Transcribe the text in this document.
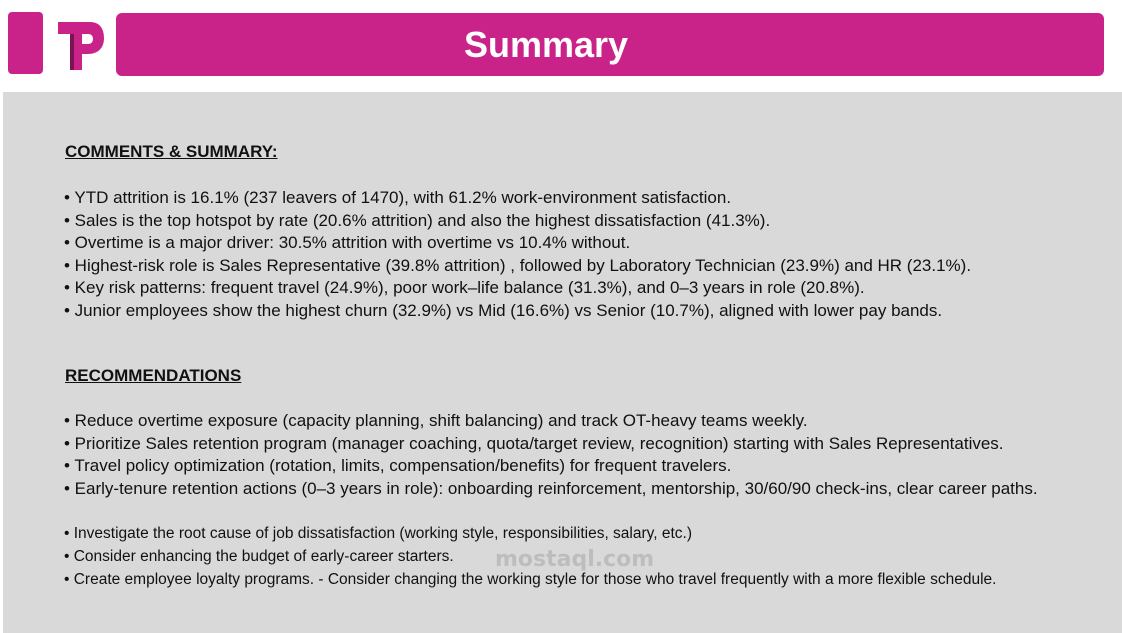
Summary
COMMENTS & SUMMARY:
• YTD attrition is 16.1% (237 leavers of 1470), with 61.2% work-environment satisfaction.
• Sales is the top hotspot by rate (20.6% attrition) and also the highest dissatisfaction (41.3%).
• Overtime is a major driver: 30.5% attrition with overtime vs 10.4% without.
• Highest-risk role is Sales Representative (39.8% attrition) , followed by Laboratory Technician (23.9%) and HR (23.1%).
• Key risk patterns: frequent travel (24.9%), poor work–life balance (31.3%), and 0–3 years in role (20.8%).
• Junior employees show the highest churn (32.9%) vs Mid (16.6%) vs Senior (10.7%), aligned with lower pay bands.
RECOMMENDATIONS
• Reduce overtime exposure (capacity planning, shift balancing) and track OT-heavy teams weekly.
• Prioritize Sales retention program (manager coaching, quota/target review, recognition) starting with Sales Representatives.
• Travel policy optimization (rotation, limits, compensation/benefits) for frequent travelers.
• Early-tenure retention actions (0–3 years in role): onboarding reinforcement, mentorship, 30/60/90 check-ins, clear career paths.
• Investigate the root cause of job dissatisfaction (working style, responsibilities, salary, etc.)
• Consider enhancing the budget of early-career starters.
• Create employee loyalty programs. - Consider changing the working style for those who travel frequently with a more flexible schedule.
mostaql.com
